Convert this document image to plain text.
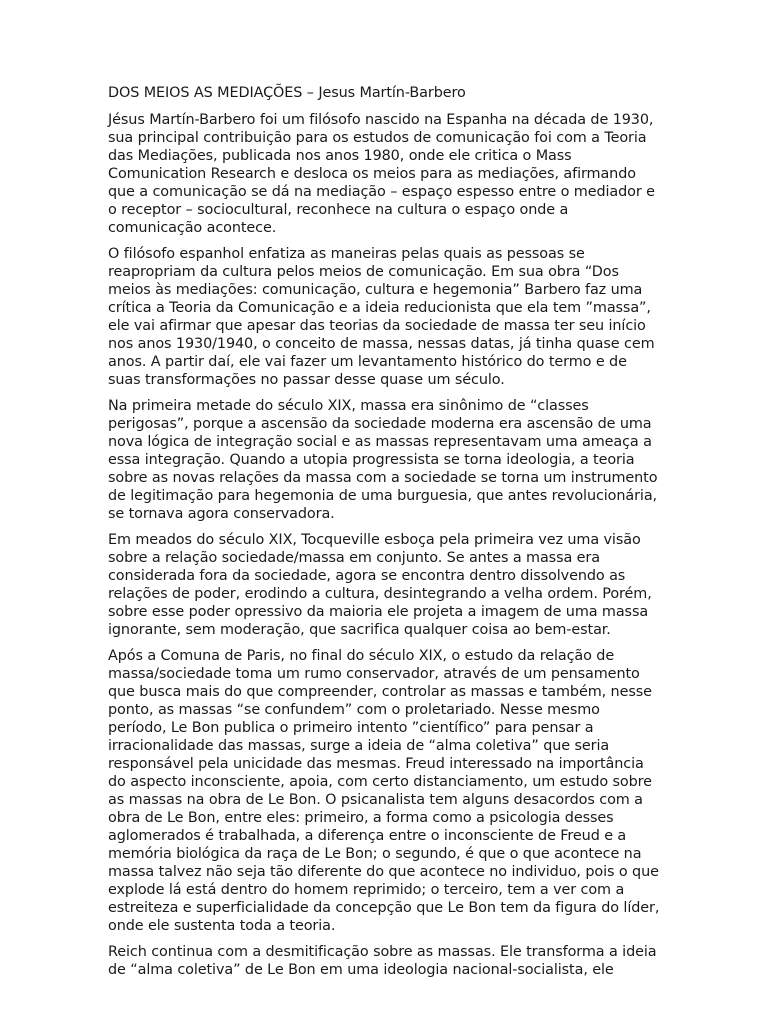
DOS MEIOS AS MEDIAÇÕES – Jesus Martín-Barbero

Jésus Martín-Barbero foi um filósofo nascido na Espanha na década de 1930, sua principal contribuição para os estudos de comunicação foi com a Teoria das Mediações, publicada nos anos 1980, onde ele critica o Mass Comunication Research e desloca os meios para as mediações, afirmando que a comunicação se dá na mediação – espaço espesso entre o mediador e o receptor – sociocultural, reconhece na cultura o espaço onde a comunicação acontece.

O filósofo espanhol enfatiza as maneiras pelas quais as pessoas se reapropriam da cultura pelos meios de comunicação. Em sua obra “Dos meios às mediações: comunicação, cultura e hegemonia” Barbero faz uma crítica a Teoria da Comunicação e a ideia reducionista que ela tem ”massa”, ele vai afirmar que apesar das teorias da sociedade de massa ter seu início nos anos 1930/1940, o conceito de massa, nessas datas, já tinha quase cem anos. A partir daí, ele vai fazer um levantamento histórico do termo e de suas transformações no passar desse quase um século.

Na primeira metade do século XIX, massa era sinônimo de “classes perigosas”, porque a ascensão da sociedade moderna era ascensão de uma nova lógica de integração social e as massas representavam uma ameaça a essa integração. Quando a utopia progressista se torna ideologia, a teoria sobre as novas relações da massa com a sociedade se torna um instrumento de legitimação para hegemonia de uma burguesia, que antes revolucionária, se tornava agora conservadora.

Em meados do século XIX, Tocqueville esboça pela primeira vez uma visão sobre a relação sociedade/massa em conjunto. Se antes a massa era considerada fora da sociedade, agora se encontra dentro dissolvendo as relações de poder, erodindo a cultura, desintegrando a velha ordem. Porém, sobre esse poder opressivo da maioria ele projeta a imagem de uma massa ignorante, sem moderação, que sacrifica qualquer coisa ao bem-estar.

Após a Comuna de Paris, no final do século XIX, o estudo da relação de massa/sociedade toma um rumo conservador, através de um pensamento que busca mais do que compreender, controlar as massas e também, nesse ponto, as massas “se confundem” com o proletariado. Nesse mesmo período, Le Bon publica o primeiro intento ”científico” para pensar a irracionalidade das massas, surge a ideia de “alma coletiva” que seria responsável pela unicidade das mesmas. Freud interessado na importância do aspecto inconsciente, apoia, com certo distanciamento, um estudo sobre as massas na obra de Le Bon. O psicanalista tem alguns desacordos com a obra de Le Bon, entre eles: primeiro, a forma como a psicologia desses aglomerados é trabalhada, a diferença entre o inconsciente de Freud e a memória biológica da raça de Le Bon; o segundo, é que o que acontece na massa talvez não seja tão diferente do que acontece no individuo, pois o que explode lá está dentro do homem reprimido; o terceiro, tem a ver com a estreiteza e superficialidade da concepção que Le Bon tem da figura do líder, onde ele sustenta toda a teoria.

Reich continua com a desmitificação sobre as massas. Ele transforma a ideia de “alma coletiva” de Le Bon em uma ideologia nacional-socialista, ele
